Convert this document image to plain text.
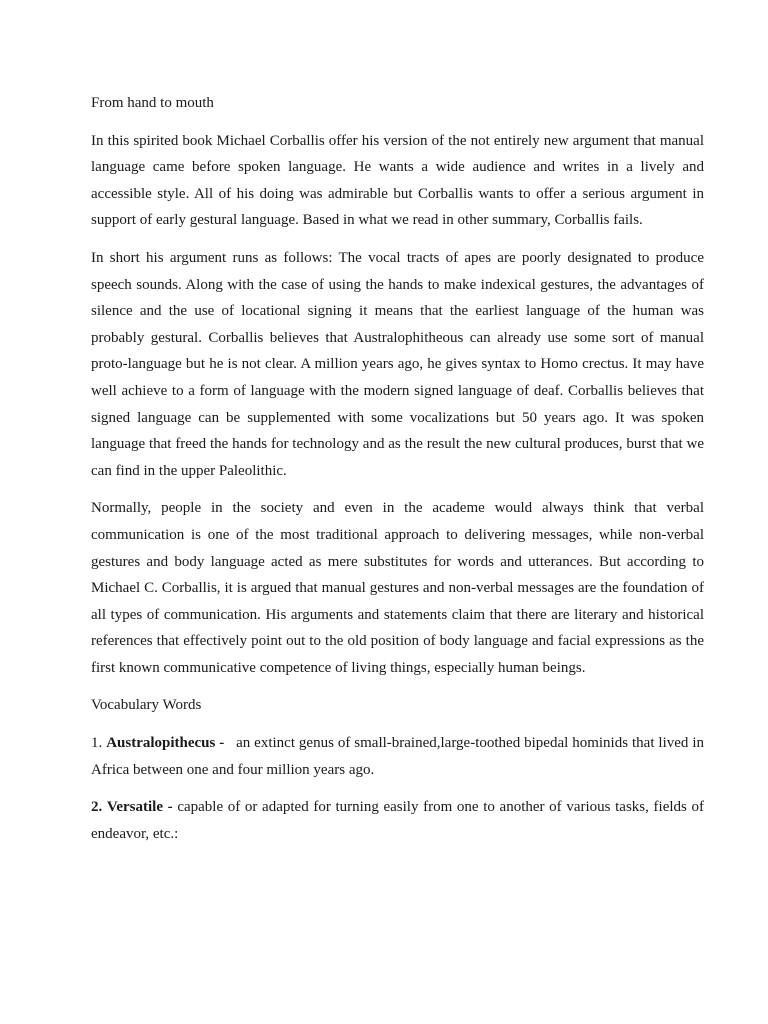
From hand to mouth

In this spirited book Michael Corballis offer his version of the not entirely new argument that manual language came before spoken language. He wants a wide audience and writes in a lively and accessible style. All of his doing was admirable but Corballis wants to offer a serious argument in support of early gestural language. Based in what we read in other summary, Corballis fails.

In short his argument runs as follows: The vocal tracts of apes are poorly designated to produce speech sounds. Along with the case of using the hands to make indexical gestures, the advantages of silence and the use of locational signing it means that the earliest language of the human was probably gestural. Corballis believes that Australophitheous can already use some sort of manual proto-language but he is not clear. A million years ago, he gives syntax to Homo crectus. It may have well achieve to a form of language with the modern signed language of deaf. Corballis believes that signed language can be supplemented with some vocalizations but 50 years ago. It was spoken language that freed the hands for technology and as the result the new cultural produces, burst that we can find in the upper Paleolithic.

Normally, people in the society and even in the academe would always think that verbal communication is one of the most traditional approach to delivering messages, while non-verbal gestures and body language acted as mere substitutes for words and utterances. But according to Michael C. Corballis, it is argued that manual gestures and non-verbal messages are the foundation of all types of communication. His arguments and statements claim that there are literary and historical references that effectively point out to the old position of body language and facial expressions as the first known communicative competence of living things, especially human beings.

Vocabulary Words

1. Australopithecus - an extinct genus of small-brained,large-toothed bipedal hominids that lived in Africa between one and four million years ago.

2. Versatile - capable of or adapted for turning easily from one to another of various tasks, fields of endeavor, etc.:
